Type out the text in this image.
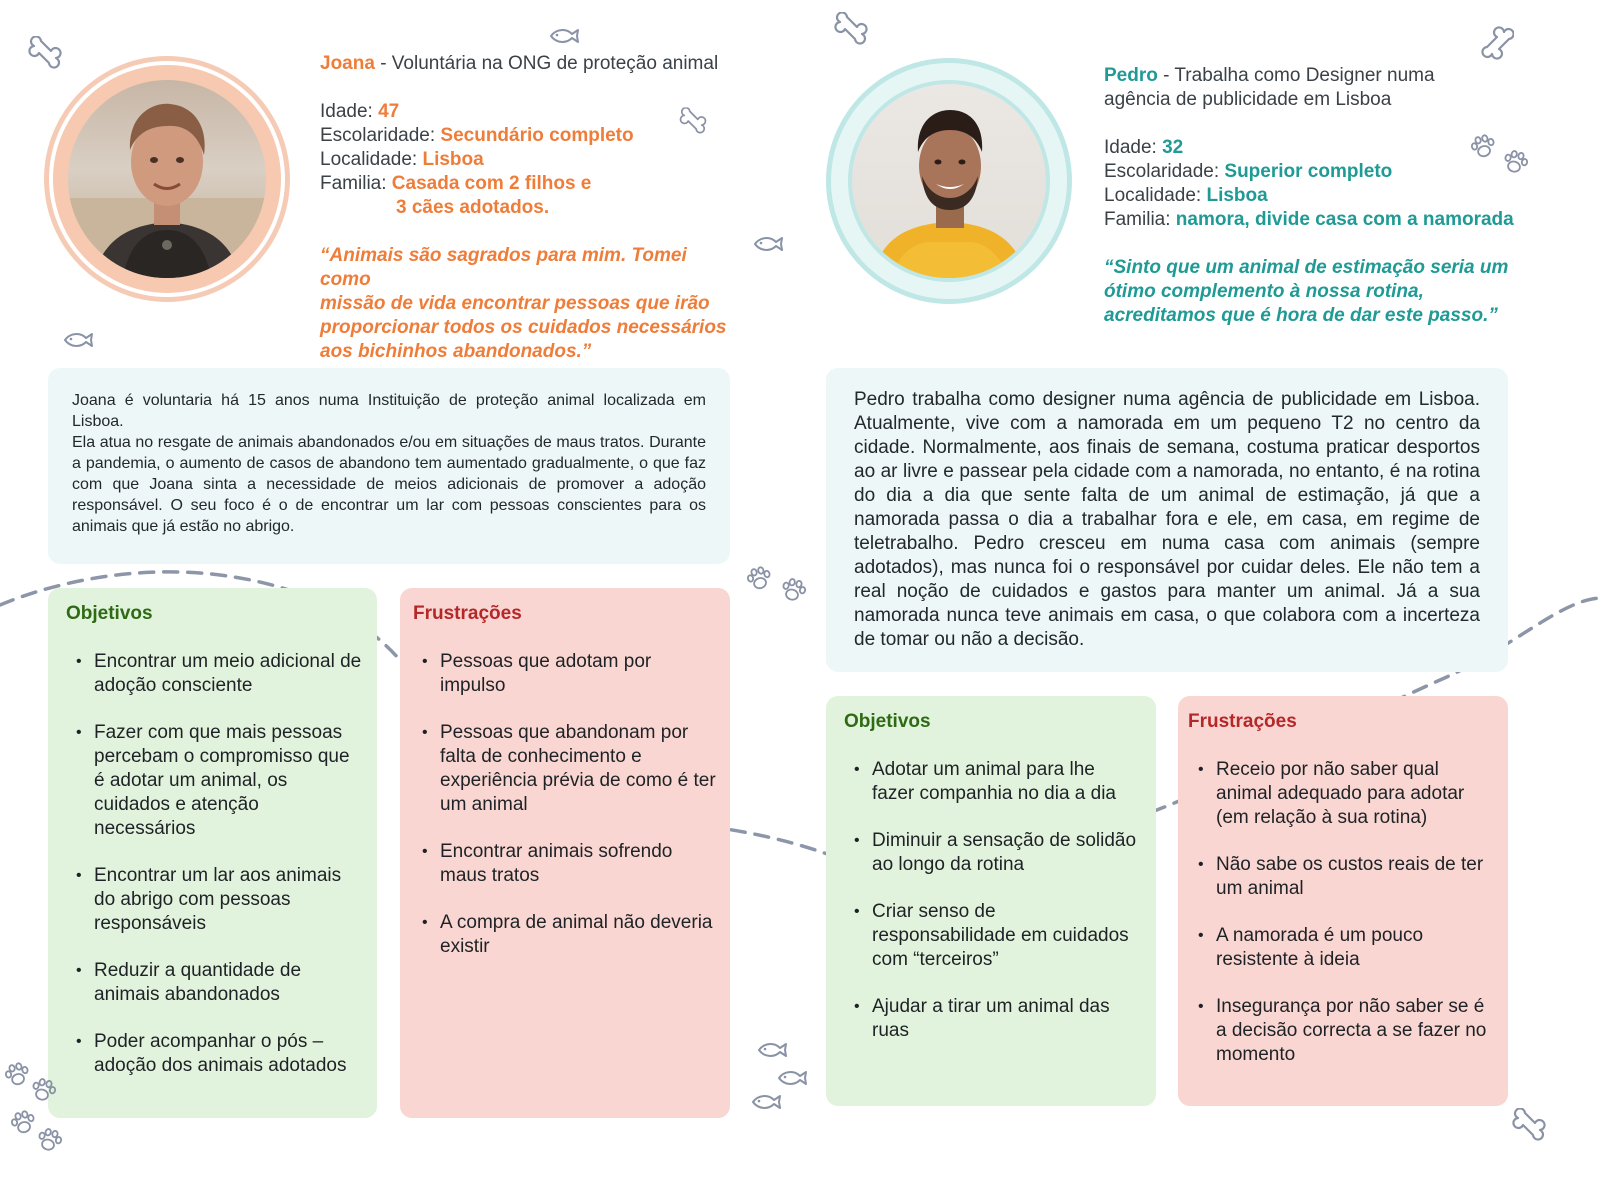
Joana - Voluntária na ONG de proteção animal
Idade: 47
Escolaridade: Secundário completo
Localidade: Lisboa
Familia: Casada com 2 filhos e
3 cães adotados.
“Animais são sagrados para mim. Tomei como
missão de vida encontrar pessoas que irão
proporcionar todos os cuidados necessários
aos bichinhos abandonados.”

Joana é voluntaria há 15 anos numa Instituição de proteção animal localizada em Lisboa.

Ela atua no resgate de animais abandonados e/ou em situações de maus tratos. Durante a pandemia, o aumento de casos de abandono tem aumentado gradualmente, o que faz com que Joana sinta a necessidade de meios adicionais de promover a adoção responsável. O seu foco é o de encontrar um lar com pessoas conscientes para os animais que já estão no abrigo.

Objetivos
• Encontrar um meio adicional de adoção consciente
• Fazer com que mais pessoas percebam o compromisso que é adotar um animal, os cuidados e atenção necessários
• Encontrar um lar aos animais do abrigo com pessoas responsáveis
• Reduzir a quantidade de animais abandonados
• Poder acompanhar o pós – adoção dos animais adotados
Frustrações
• Pessoas que adotam por impulso
• Pessoas que abandonam por falta de conhecimento e experiência prévia de como é ter um animal
• Encontrar animais sofrendo maus tratos
• A compra de animal não deveria existir
Pedro - Trabalha como Designer numa
agência de publicidade em Lisboa
Idade: 32
Escolaridade: Superior completo
Localidade: Lisboa
Familia: namora, divide casa com a namorada
“Sinto que um animal de estimação seria um
ótimo complemento à nossa rotina,
acreditamos que é hora de dar este passo.”

Pedro trabalha como designer numa agência de publicidade em Lisboa. Atualmente, vive com a namorada em um pequeno T2 no centro da cidade. Normalmente, aos finais de semana, costuma praticar desportos ao ar livre e passear pela cidade com a namorada, no entanto, é na rotina do dia a dia que sente falta de um animal de estimação, já que a namorada passa o dia a trabalhar fora e ele, em casa, em regime de teletrabalho. Pedro cresceu em numa casa com animais (sempre adotados), mas nunca foi o responsável por cuidar deles. Ele não tem a real noção de cuidados e gastos para manter um animal. Já a sua namorada nunca teve animais em casa, o que colabora com a incerteza de tomar ou não a decisão.

Objetivos
• Adotar um animal para lhe fazer companhia no dia a dia
• Diminuir a sensação de solidão ao longo da rotina
• Criar senso de responsabilidade em cuidados com “terceiros”
• Ajudar a tirar um animal das ruas
Frustrações
• Receio por não saber qual animal adequado para adotar (em relação à sua rotina)
• Não sabe os custos reais de ter um animal
• A namorada é um pouco resistente à ideia
• Insegurança por não saber se é a decisão correcta a se fazer no momento
